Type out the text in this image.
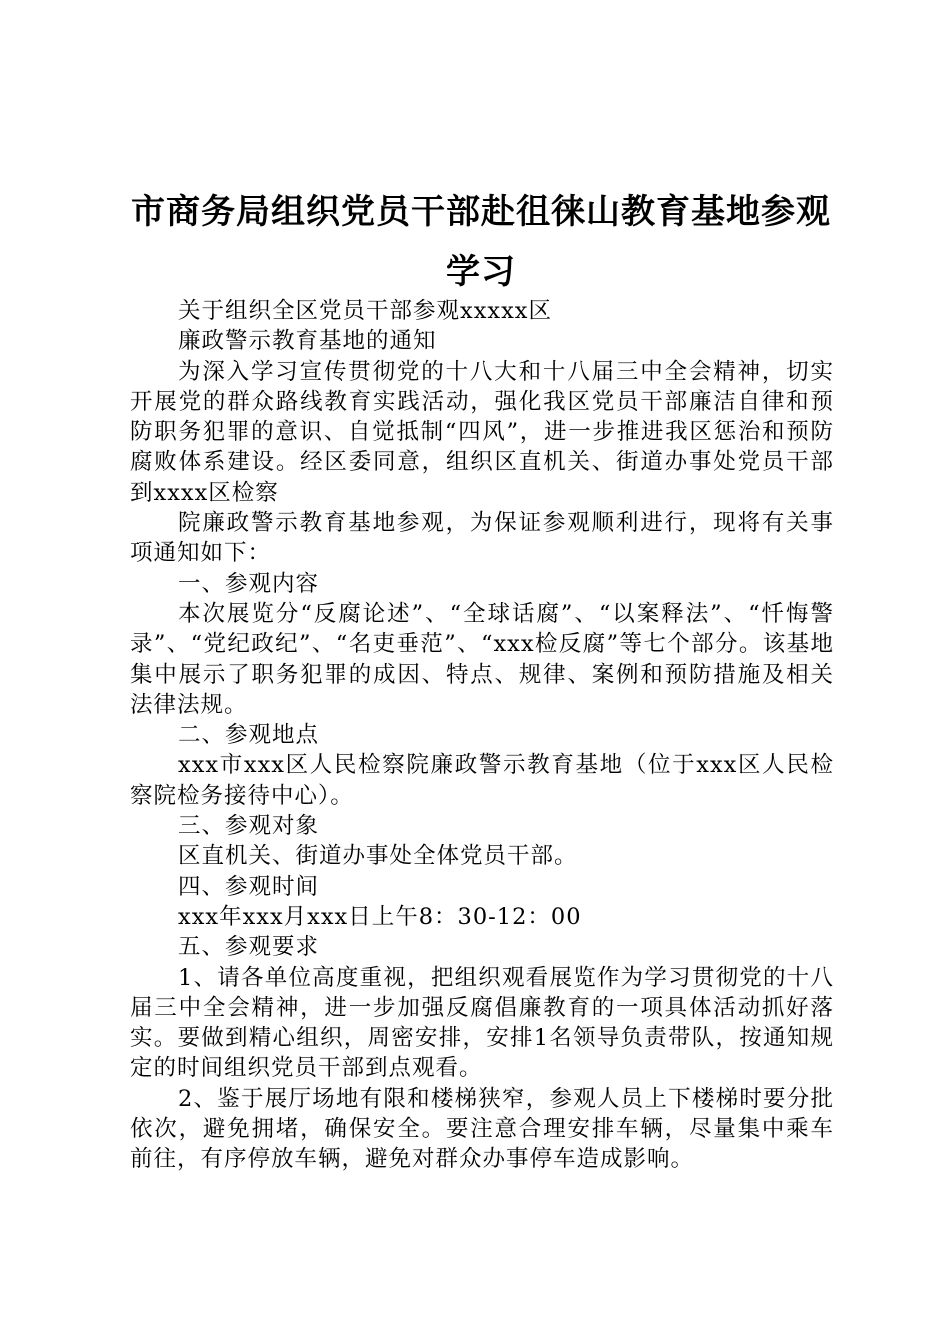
市商务局组织党员干部赴徂徕山教育基地参观学习

关于组织全区党员干部参观xxxxx区

廉政警示教育基地的通知

为深入学习宣传贯彻党的十八大和十八届三中全会精神，切实开展党的群众路线教育实践活动，强化我区党员干部廉洁自律和预防职务犯罪的意识、自觉抵制“四风”，进一步推进我区惩治和预防腐败体系建设。经区委同意，组织区直机关、街道办事处党员干部到xxxx区检察

院廉政警示教育基地参观，为保证参观顺利进行，现将有关事项通知如下：

一、参观内容

本次展览分“反腐论述”、“全球话腐”、“以案释法”、“忏悔警录”、“党纪政纪”、“名吏垂范”、“xxx检反腐”等七个部分。该基地集中展示了职务犯罪的成因、特点、规律、案例和预防措施及相关法律法规。

二、参观地点

xxx市xxx区人民检察院廉政警示教育基地（位于xxx区人民检察院检务接待中心）。

三、参观对象

区直机关、街道办事处全体党员干部。

四、参观时间

xxx年xxx月xxx日上午8：30-12：00

五、参观要求

1、请各单位高度重视，把组织观看展览作为学习贯彻党的十八届三中全会精神，进一步加强反腐倡廉教育的一项具体活动抓好落实。要做到精心组织，周密安排，安排1名领导负责带队，按通知规定的时间组织党员干部到点观看。

2、鉴于展厅场地有限和楼梯狭窄，参观人员上下楼梯时要分批依次，避免拥堵，确保安全。要注意合理安排车辆，尽量集中乘车前往，有序停放车辆，避免对群众办事停车造成影响。
